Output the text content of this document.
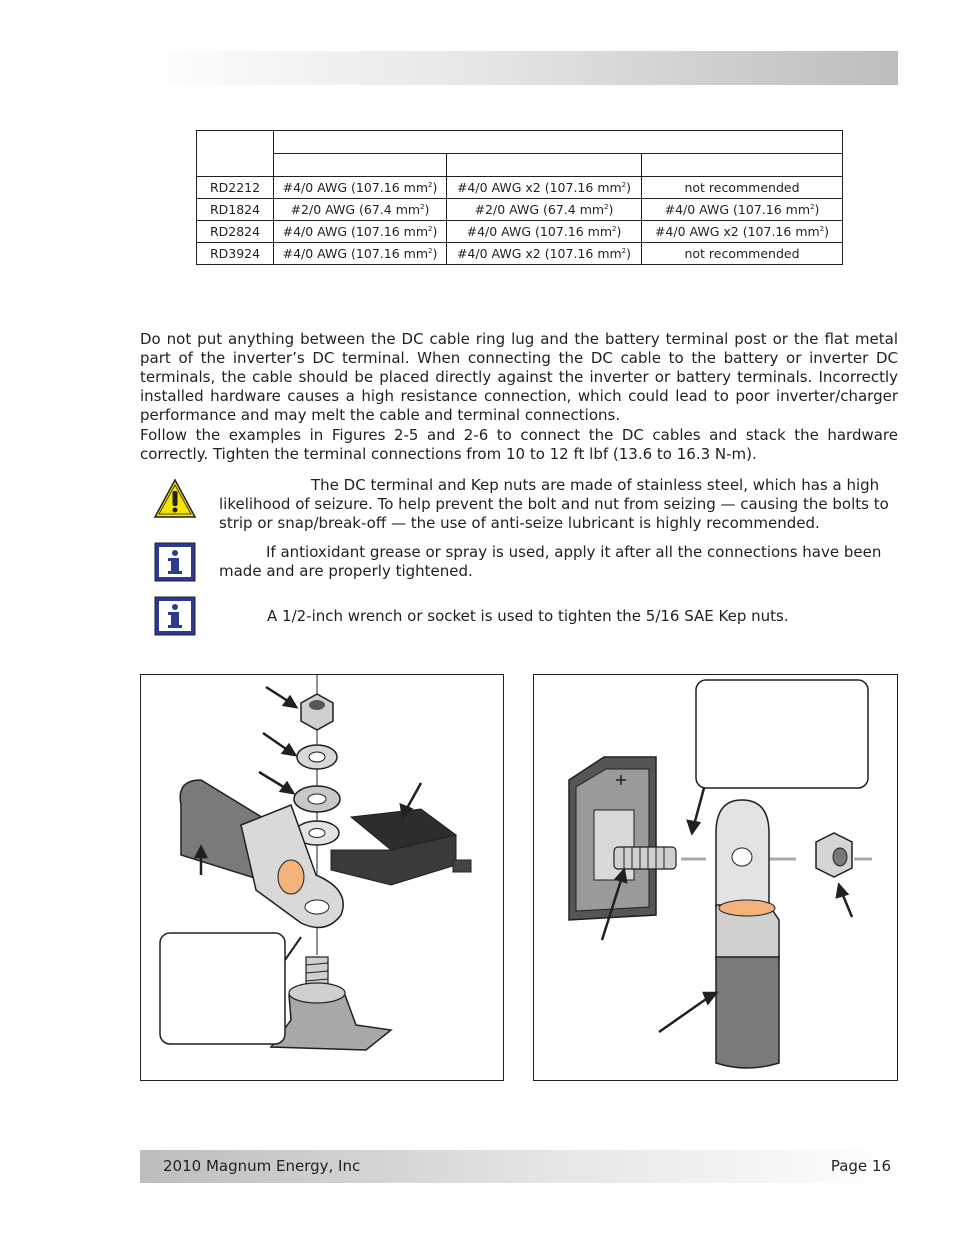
RD2212	#4/0 AWG (107.16 $mm^2$)	#4/0 AWG x2 (107.16 $mm^2$)	not recommended
RD1824	#2/0 AWG (67.4 $mm^2$)	#2/0 AWG (67.4 $mm^2$)	#4/0 AWG (107.16 $mm^2$)
RD2824	#4/0 AWG (107.16 $mm^2$)	#4/0 AWG (107.16 $mm^2$)	#4/0 AWG x2 (107.16 $mm^2$)
RD3924	#4/0 AWG (107.16 $mm^2$)	#4/0 AWG x2 (107.16 $mm^2$)	not recommended

Do not put anything between the DC cable ring lug and the battery terminal post or the flat metal part of the inverter’s DC terminal. When connecting the DC cable to the battery or inverter DC terminals, the cable should be placed directly against the inverter or battery terminals. Incorrectly installed hardware causes a high resistance connection, which could lead to poor inverter/charger performance and may melt the cable and terminal connections.

Follow the examples in Figures 2-5 and 2-6 to connect the DC cables and stack the hardware correctly. Tighten the terminal connections from 10 to 12 ft lbf (13.6 to 16.3 N-m).

The DC terminal and Kep nuts are made of stainless steel, which has a high likelihood of seizure. To help prevent the bolt and nut from seizing — causing the bolts to strip or snap/break-off — the use of anti-seize lubricant is highly recommended.

If antioxidant grease or spray is used, apply it after all the connections have been made and are properly tightened.

A 1/2-inch wrench or socket is used to tighten the 5/16 SAE Kep nuts.

2010 Magnum Energy, Inc	Page 16
